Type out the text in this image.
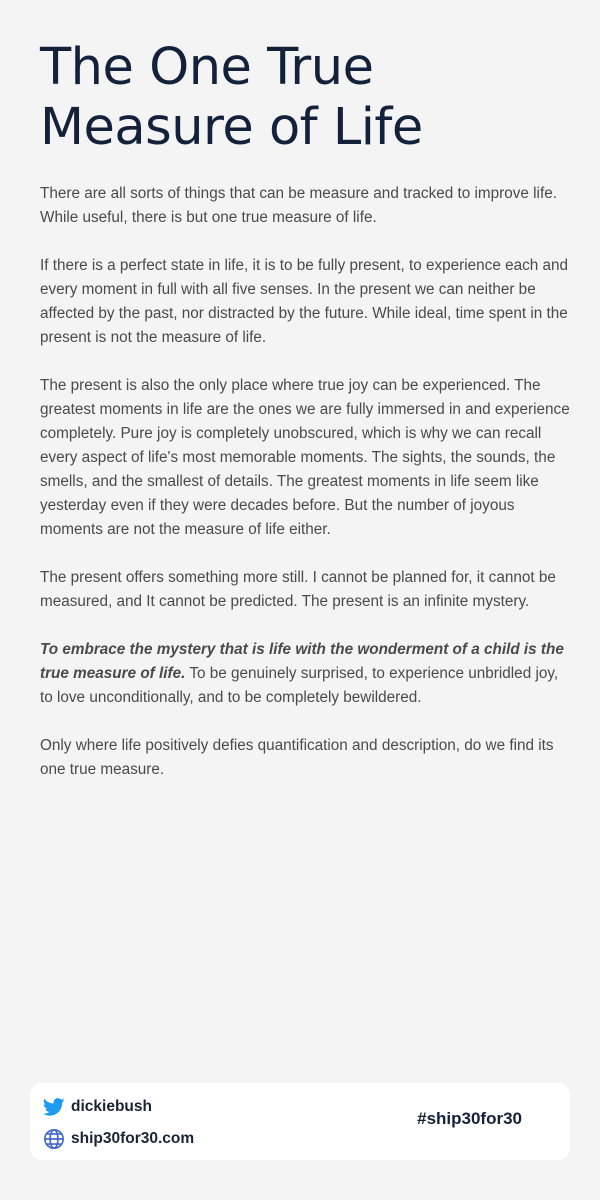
The One True Measure of Life

There are all sorts of things that can be measure and tracked to improve life. While useful, there is but one true measure of life.

If there is a perfect state in life, it is to be fully present, to experience each and every moment in full with all five senses. In the present we can neither be affected by the past, nor distracted by the future. While ideal, time spent in the present is not the measure of life.

The present is also the only place where true joy can be experienced. The greatest moments in life are the ones we are fully immersed in and experience completely. Pure joy is completely unobscured, which is why we can recall every aspect of life's most memorable moments. The sights, the sounds, the smells, and the smallest of details. The greatest moments in life seem like yesterday even if they were decades before. But the number of joyous moments are not the measure of life either.

The present offers something more still. I cannot be planned for, it cannot be measured, and It cannot be predicted. The present is an infinite mystery.

To embrace the mystery that is life with the wonderment of a child is the true measure of life. To be genuinely surprised, to experience unbridled joy, to love unconditionally, and to be completely bewildered.

Only where life positively defies quantification and description, do we find its one true measure.

dickiebush
ship30for30.com
#ship30for30
